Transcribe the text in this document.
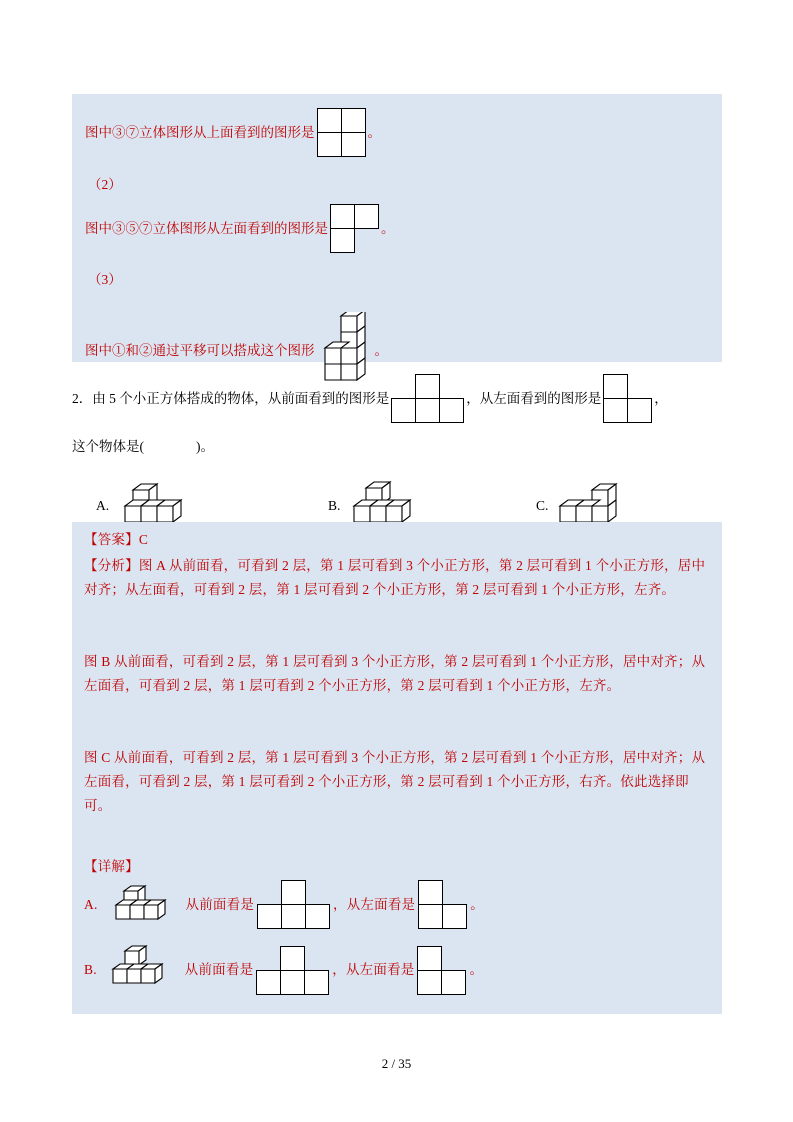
图中③⑦立体图形从上面看到的图形是

		。
（2）
图中③⑤⑦立体图形从左面看到的图形是

		。
（3）
图中①和②通过平移可以搭成这个图形	。
2． 由 5 个小正方体搭成的物体，从前面看到的图形是

			，从左面看到的图形是

		，
这个物体是(	)。
A.	B.	C.
【答案】C
【分析】图 A 从前面看，可看到 2 层，第 1 层可看到 3 个小正方形，第 2 层可看到 1 个小正方形，居中对齐；从左面看，可看到 2 层，第 1 层可看到 2 个小正方形，第 2 层可看到 1 个小正方形，左齐。
图 B 从前面看，可看到 2 层，第 1 层可看到 3 个小正方形，第 2 层可看到 1 个小正方形，居中对齐；从左面看，可看到 2 层，第 1 层可看到 2 个小正方形，第 2 层可看到 1 个小正方形，左齐。
图 C 从前面看，可看到 2 层，第 1 层可看到 3 个小正方形，第 2 层可看到 1 个小正方形，居中对齐；从左面看，可看到 2 层，第 1 层可看到 2 个小正方形，第 2 层可看到 1 个小正方形，右齐。依此选择即可。
【详解】
A.	从前面看是

			， 从左面看是

		。
B.	从前面看是

			， 从左面看是

		。
2 / 35
